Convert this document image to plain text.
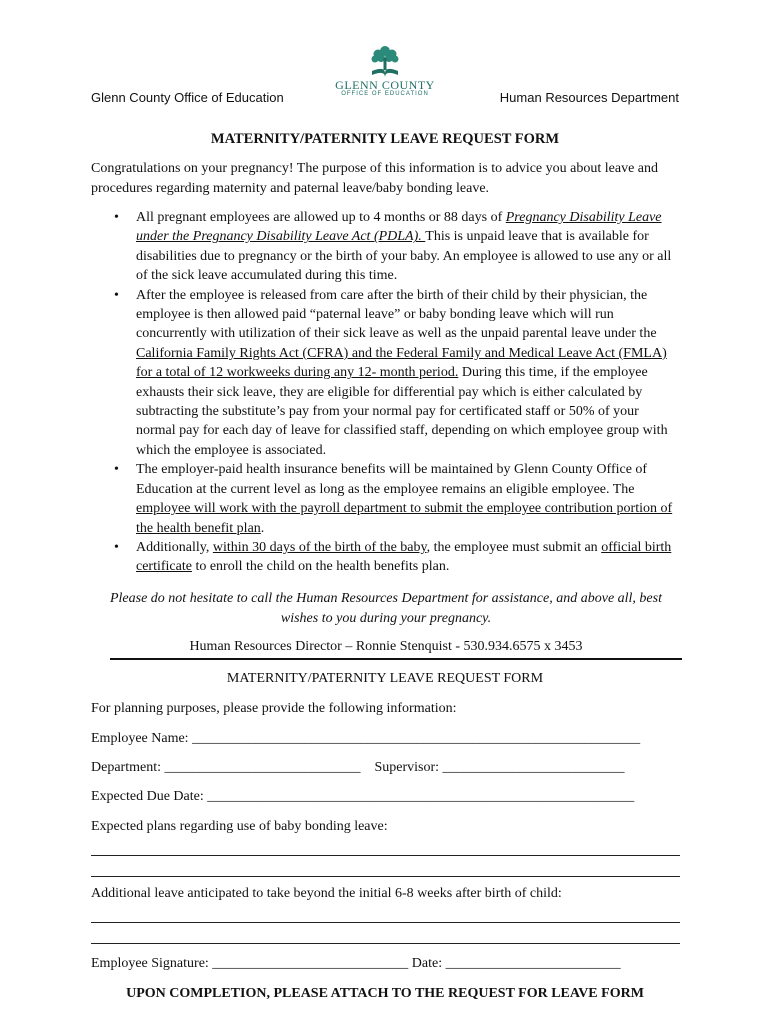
Glenn County Office of Education
GLENN COUNTY
OFFICE OF EDUCATION	Human Resources Department
MATERNITY/PATERNITY LEAVE REQUEST FORM
Congratulations on your pregnancy! The purpose of this information is to advice you about leave and procedures regarding maternity and paternal leave/baby bonding leave.
• All pregnant employees are allowed up to 4 months or 88 days of Pregnancy Disability Leave under the Pregnancy Disability Leave Act (PDLA). This is unpaid leave that is available for disabilities due to pregnancy or the birth of your baby. An employee is allowed to use any or all of the sick leave accumulated during this time.
• After the employee is released from care after the birth of their child by their physician, the employee is then allowed paid “paternal leave” or baby bonding leave which will run concurrently with utilization of their sick leave as well as the unpaid parental leave under the California Family Rights Act (CFRA) and the Federal Family and Medical Leave Act (FMLA) for a total of 12 workweeks during any 12- month period. During this time, if the employee exhausts their sick leave, they are eligible for differential pay which is either calculated by subtracting the substitute’s pay from your normal pay for certificated staff or 50% of your normal pay for each day of leave for classified staff, depending on which employee group with which the employee is associated.
• The employer-paid health insurance benefits will be maintained by Glenn County Office of Education at the current level as long as the employee remains an eligible employee. The employee will work with the payroll department to submit the employee contribution portion of the health benefit plan.
• Additionally, within 30 days of the birth of the baby, the employee must submit an official birth certificate to enroll the child on the health benefits plan.
Please do not hesitate to call the Human Resources Department for assistance, and above all, best wishes to you during your pregnancy.
Human Resources Director – Ronnie Stenquist - 530.934.6575 x 3453
MATERNITY/PATERNITY LEAVE REQUEST FORM
For planning purposes, please provide the following information:
Employee Name: ________________________________________________________________
Department: ____________________________    Supervisor: __________________________
Expected Due Date: _____________________________________________________________
Expected plans regarding use of baby bonding leave:
Additional leave anticipated to take beyond the initial 6-8 weeks after birth of child:
Employee Signature: ____________________________ Date: _________________________
UPON COMPLETION, PLEASE ATTACH TO THE REQUEST FOR LEAVE FORM
